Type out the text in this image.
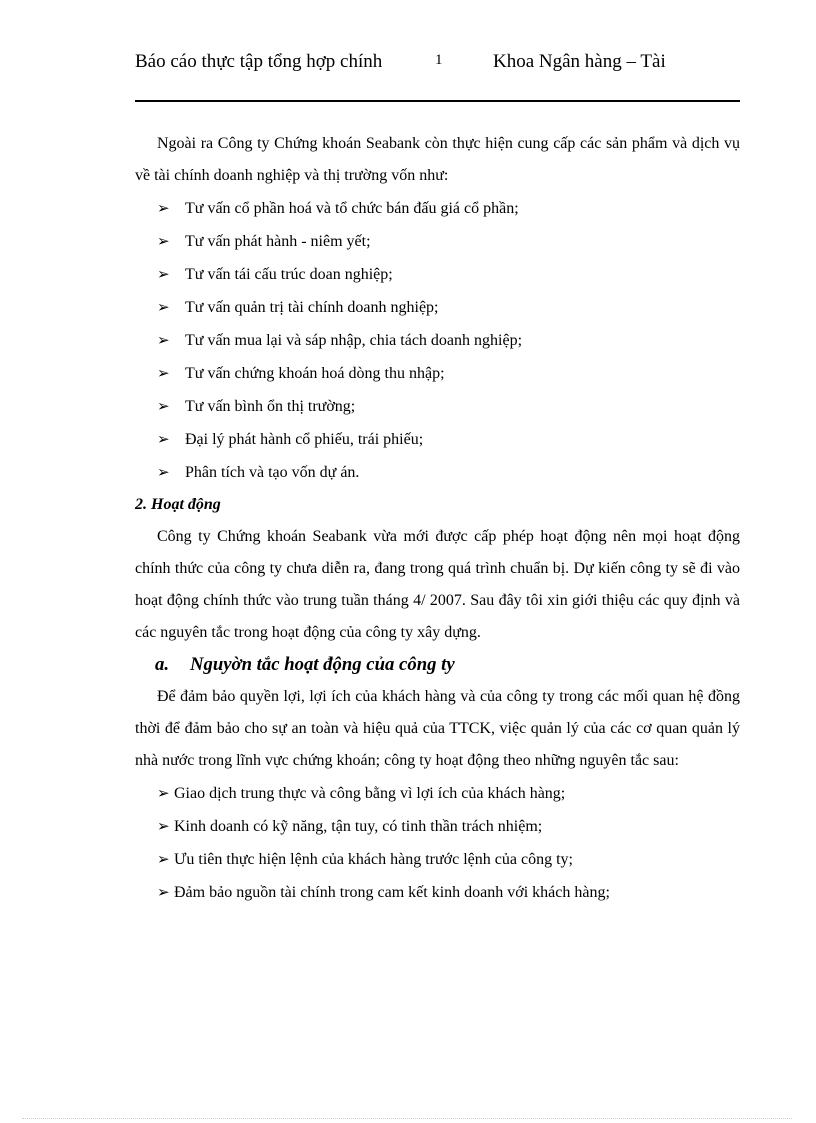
Báo cáo thực tập tổng hợp chính	1	Khoa Ngân hàng – Tài

Ngoài ra Công ty Chứng khoán Seabank còn thực hiện cung cấp các sản phẩm và dịch vụ về tài chính doanh nghiệp và thị trường vốn như:

➢ Tư vấn cổ phần hoá và tổ chức bán đấu giá cổ phần;
➢ Tư vấn phát hành - niêm yết;
➢ Tư vấn tái cấu trúc doan nghiệp;
➢ Tư vấn quản trị tài chính doanh nghiệp;
➢ Tư vấn mua lại và sáp nhập, chia tách doanh nghiệp;
➢ Tư vấn chứng khoán hoá dòng thu nhập;
➢ Tư vấn bình ổn thị trường;
➢ Đại lý phát hành cổ phiếu, trái phiếu;
➢ Phân tích và tạo vốn dự án.
2. Hoạt động

Công ty Chứng khoán Seabank vừa mới được cấp phép hoạt động nên mọi hoạt động chính thức của công ty chưa diễn ra, đang trong quá trình chuẩn bị. Dự kiến công ty sẽ đi vào hoạt động chính thức vào trung tuần tháng 4/ 2007. Sau đây tôi xin giới thiệu các quy định và các nguyên tắc trong hoạt động của công ty xây dựng.

a. Nguyờn tắc hoạt động của công ty

Để đảm bảo quyền lợi, lợi ích của khách hàng và của công ty trong các mối quan hệ đồng thời để đảm bảo cho sự an toàn và hiệu quả của TTCK, việc quản lý của các cơ quan quản lý nhà nước trong lĩnh vực chứng khoán; công ty hoạt động theo những nguyên tắc sau:

➢ Giao dịch trung thực và công bằng vì lợi ích của khách hàng;
➢ Kinh doanh có kỹ năng, tận tuy, có tinh thần trách nhiệm;
➢ Ưu tiên thực hiện lệnh của khách hàng trước lệnh của công ty;
➢ Đảm bảo nguồn tài chính trong cam kết kinh doanh với khách hàng;
